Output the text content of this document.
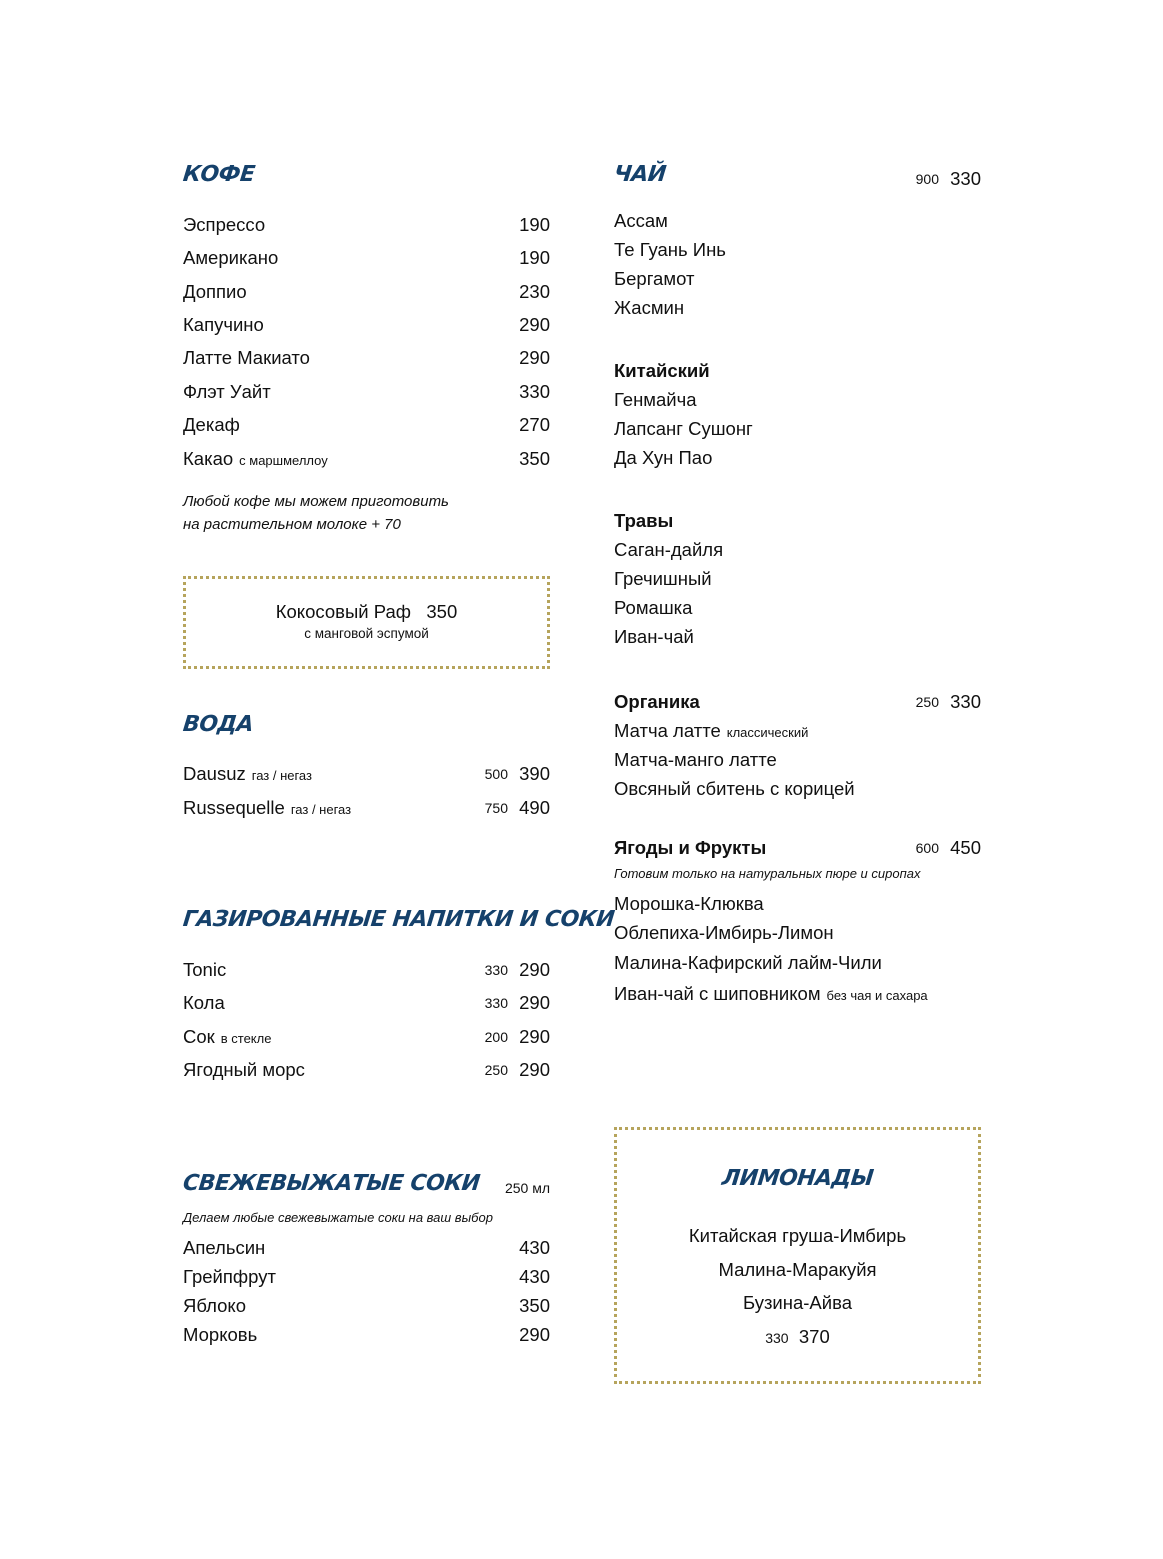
КОФЕ
Эспрессо	190
Американо	190
Доппио	230
Капучино	290
Латте Макиато	290
Флэт Уайт	330
Декаф	270
Какао с маршмеллоу	350
Любой кофе мы можем приготовить
на растительном молоке + 70
Кокосовый Раф 350
с манговой эспумой
ВОДА
Dausuz газ / негаз	500 390
Russequelle газ / негаз	750 490
ГАЗИРОВАННЫЕ НАПИТКИ И СОКИ
Tonic	330 290
Кола	330 290
Сок в стекле	200 290
Ягодный морс	250 290
СВЕЖЕВЫЖАТЫЕ СОКИ 250 мл
Делаем любые свежевыжатые соки на ваш выбор
Апельсин	430
Грейпфрут	430
Яблоко	350
Морковь	290
ЧАЙ	900 330
Ассам
Те Гуань Инь
Бергамот
Жасмин
Китайский
Генмайча
Лапсанг Сушонг
Да Хун Пао
Травы
Саган-дайля
Гречишный
Ромашка
Иван-чай
Органика	250 330
Матча латте классический
Матча-манго латте
Овсяный сбитень с корицей
Ягоды и Фрукты	600 450
Готовим только на натуральных пюре и сиропах
Морошка-Клюква
Облепиха-Имбирь-Лимон
Малина-Кафирский лайм-Чили
Иван-чай с шиповником без чая и сахара
ЛИМОНАДЫ
Китайская груша-Имбирь
Малина-Маракуйя
Бузина-Айва
330 370
